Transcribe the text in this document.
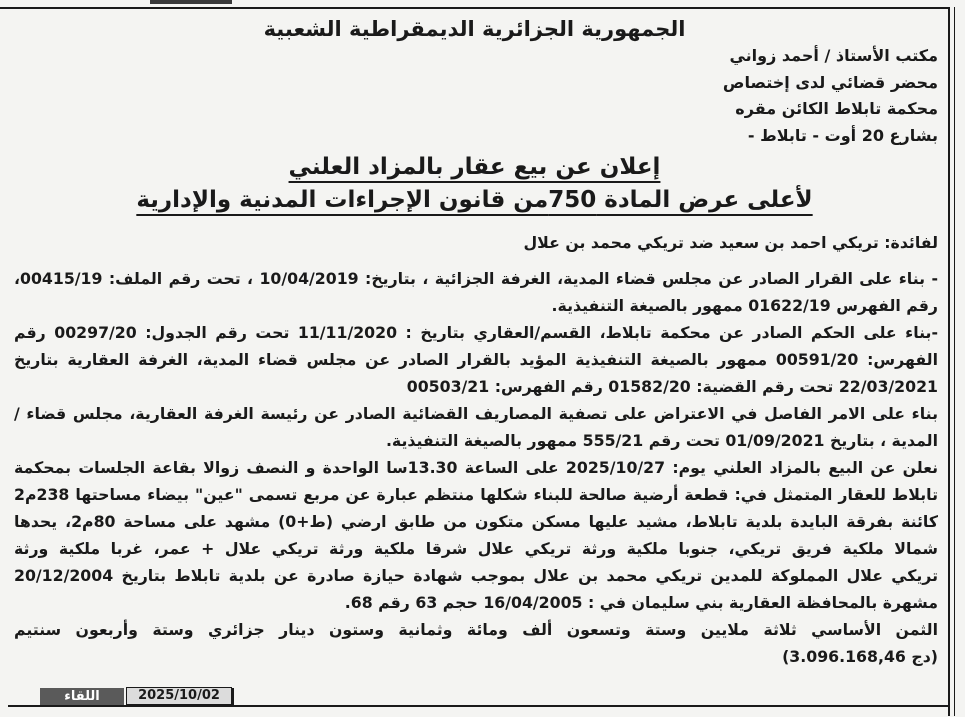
الجمهورية الجزائرية الديمقراطية الشعبية
مكتب الأستاذ / أحمد زواني
محضر قضائي لدى إختصاص
محكمة تابلاط الكائن مقره
بشارع 20 أوت - تابلاط -
إعلان عن بيع عقار بالمزاد العلني
لأعلى عرض المادة 750من قانون الإجراءات المدنية والإدارية
لفائدة: تريكي احمد بن سعيد ضد تريكي محمد بن علال
- بناء على القرار الصادر عن مجلس قضاء المدية، الغرفة الجزائية ، بتاريخ: 10/04/2019 ، تحت رقم الملف: 00415/19،
رقم الفهرس 01622/19 ممهور بالصيغة التنفيذية.
-بناء على الحكم الصادر عن محكمة تابلاط، القسم/العقاري بتاريخ : 11/11/2020 تحت رقم الجدول: 00297/20 رقم
الفهرس: 00591/20 ممهور بالصيغة التنفيذية المؤيد بالقرار الصادر عن مجلس قضاء المدية، الغرفة العقارية بتاريخ
22/03/2021 تحت رقم القضية: 01582/20 رقم الفهرس: 00503/21
بناء على الامر الفاصل في الاعتراض على تصفية المصاريف القضائية الصادر عن رئيسة الغرفة العقارية، مجلس قضاء /
المدية ، بتاريخ 01/09/2021 تحت رقم 555/21 ممهور بالصيغة التنفيذية.
نعلن عن البيع بالمزاد العلني يوم: 2025/10/27 على الساعة 13.30سا الواحدة و النصف زوالا بقاعة الجلسات بمحكمة
تابلاط للعقار المتمثل في: قطعة أرضية صالحة للبناء شكلها منتظم عبارة عن مربع تسمى "عين" بيضاء مساحتها 238م2
كائنة بفرقة البايدة بلدية تابلاط، مشيد عليها مسكن متكون من طابق ارضي (ط+0) مشهد على مساحة 80م2، يحدها
شمالا ملكية فريق تريكي، جنوبا ملكية ورثة تريكي علال شرقا ملكية ورثة تريكي علال + عمر، غربا ملكية ورثة
تريكي علال المملوكة للمدين تريكي محمد بن علال بموجب شهادة حيازة صادرة عن بلدية تابلاط بتاريخ 20/12/2004
مشهرة بالمحافظة العقارية بني سليمان في : 16/04/2005 حجم 63 رقم 68.
الثمن الأساسي ثلاثة ملايين وستة وتسعون ألف ومائة وثمانية وستون دينار جزائري وستة وأربعون سنتيم
(3.096.168,46 دج)
اللقاء	2025/10/02
